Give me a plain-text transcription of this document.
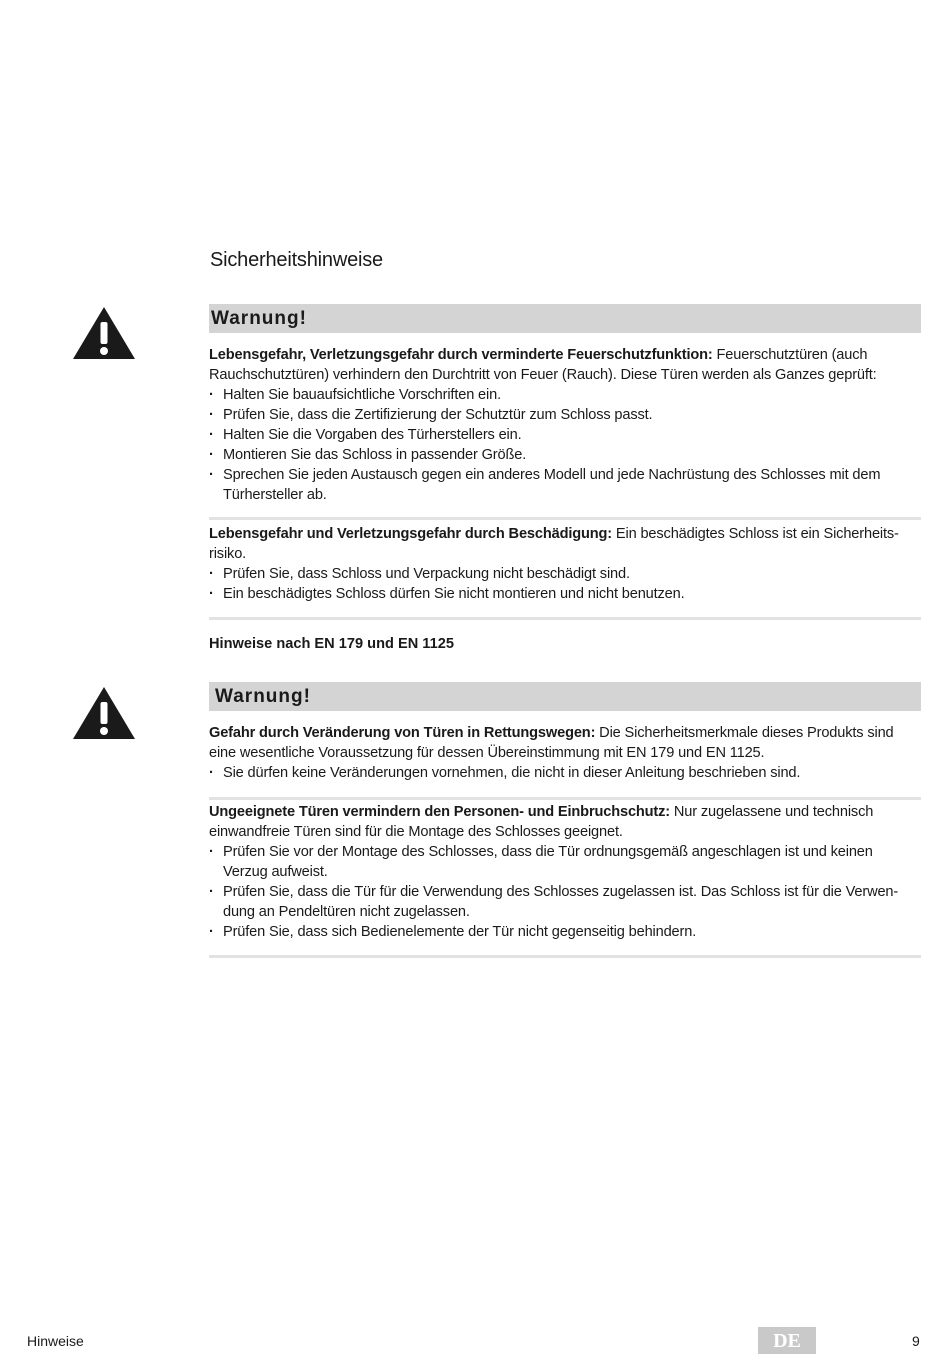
Sicherheitshinweise
Warnung!

Lebensgefahr, Verletzungsgefahr durch verminderte Feuerschutzfunktion: Feuerschutztüren (auch Rauchschutztüren) verhindern den Durchtritt von Feuer (Rauch). Diese Türen werden als Ganzes geprüft:

· Halten Sie bauaufsichtliche Vorschriften ein.
· Prüfen Sie, dass die Zertifizierung der Schutztür zum Schloss passt.
· Halten Sie die Vorgaben des Türherstellers ein.
· Montieren Sie das Schloss in passender Größe.
· Sprechen Sie jeden Austausch gegen ein anderes Modell und jede Nachrüstung des Schlosses mit dem Türhersteller ab.

Lebensgefahr und Verletzungsgefahr durch Beschädigung: Ein beschädigtes Schloss ist ein Sicherheits-risiko.

· Prüfen Sie, dass Schloss und Verpackung nicht beschädigt sind.
· Ein beschädigtes Schloss dürfen Sie nicht montieren und nicht benutzen.
Hinweise nach EN 179 und EN 1125
Warnung!

Gefahr durch Veränderung von Türen in Rettungswegen: Die Sicherheitsmerkmale dieses Produkts sind eine wesentliche Voraussetzung für dessen Übereinstimmung mit EN 179 und EN 1125.

· Sie dürfen keine Veränderungen vornehmen, die nicht in dieser Anleitung beschrieben sind.

Ungeeignete Türen vermindern den Personen- und Einbruchschutz: Nur zugelassene und technisch einwandfreie Türen sind für die Montage des Schlosses geeignet.

· Prüfen Sie vor der Montage des Schlosses, dass die Tür ordnungsgemäß angeschlagen ist und keinen Verzug aufweist.
· Prüfen Sie, dass die Tür für die Verwendung des Schlosses zugelassen ist. Das Schloss ist für die Verwen-dung an Pendeltüren nicht zugelassen.
· Prüfen Sie, dass sich Bedienelemente der Tür nicht gegenseitig behindern.
Hinweise	DE	9
